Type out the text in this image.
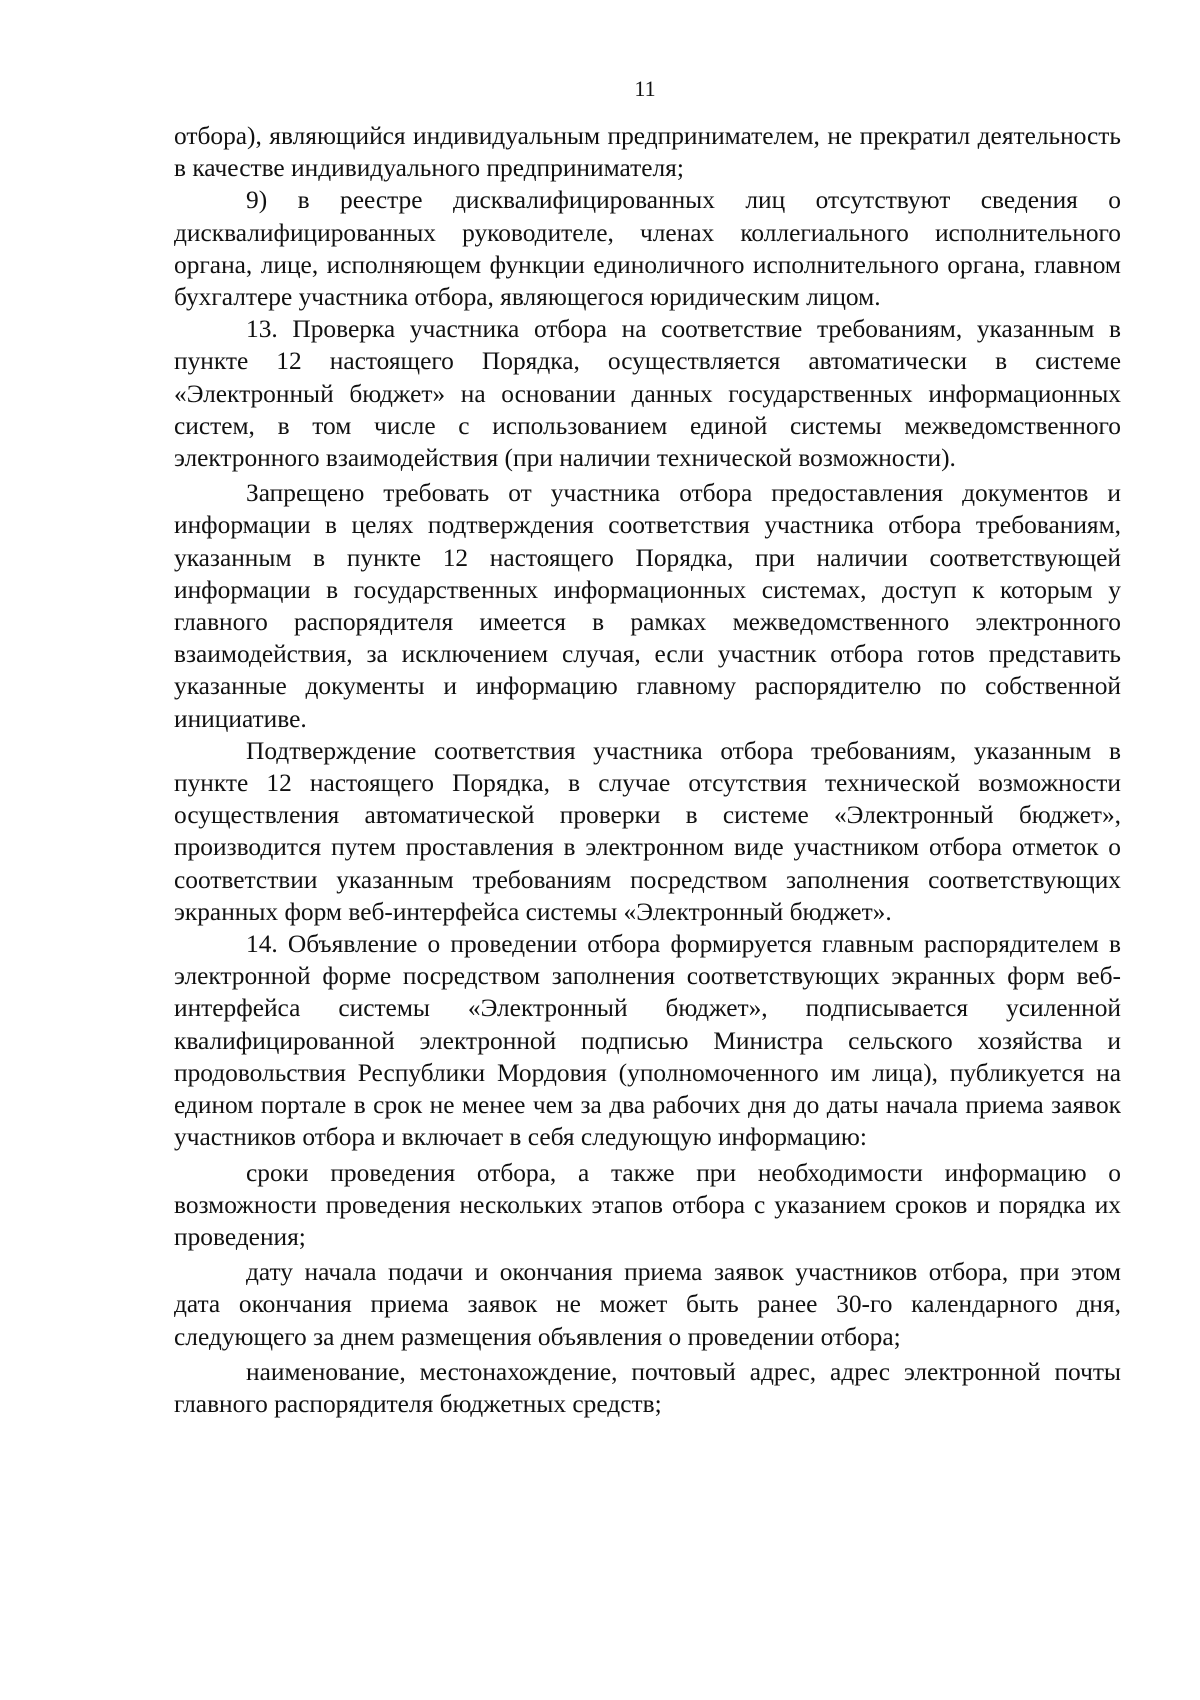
11

отбора), являющийся индивидуальным предпринимателем, не прекратил деятельность в качестве индивидуального предпринимателя;

9) в реестре дисквалифицированных лиц отсутствуют сведения о дисквалифицированных руководителе, членах коллегиального исполнительного органа, лице, исполняющем функции единоличного исполнительного органа, главном бухгалтере участника отбора, являющегося юридическим лицом.

13. Проверка участника отбора на соответствие требованиям, указанным в пункте 12 настоящего Порядка, осуществляется автоматически в системе «Электронный бюджет» на основании данных государственных информационных систем, в том числе с использованием единой системы межведомственного электронного взаимодействия (при наличии технической возможности).

Запрещено требовать от участника отбора предоставления документов и информации в целях подтверждения соответствия участника отбора требованиям, указанным в пункте 12 настоящего Порядка, при наличии соответствующей информации в государственных информационных системах, доступ к которым у главного распорядителя имеется в рамках межведомственного электронного взаимодействия, за исключением случая, если участник отбора готов представить указанные документы и информацию главному распорядителю по собственной инициативе.

Подтверждение соответствия участника отбора требованиям, указанным в пункте 12 настоящего Порядка, в случае отсутствия технической возможности осуществления автоматической проверки в системе «Электронный бюджет», производится путем проставления в электронном виде участником отбора отметок о соответствии указанным требованиям посредством заполнения соответствующих экранных форм веб-интерфейса системы «Электронный бюджет».

14. Объявление о проведении отбора формируется главным распорядителем в электронной форме посредством заполнения соответствующих экранных форм веб-интерфейса системы «Электронный бюджет», подписывается усиленной квалифицированной электронной подписью Министра сельского хозяйства и продовольствия Республики Мордовия (уполномоченного им лица), публикуется на едином портале в срок не менее чем за два рабочих дня до даты начала приема заявок участников отбора и включает в себя следующую информацию:

сроки проведения отбора, а также при необходимости информацию о возможности проведения нескольких этапов отбора с указанием сроков и порядка их проведения;

дату начала подачи и окончания приема заявок участников отбора, при этом дата окончания приема заявок не может быть ранее 30-го календарного дня, следующего за днем размещения объявления о проведении отбора;

наименование, местонахождение, почтовый адрес, адрес электронной почты главного распорядителя бюджетных средств;
